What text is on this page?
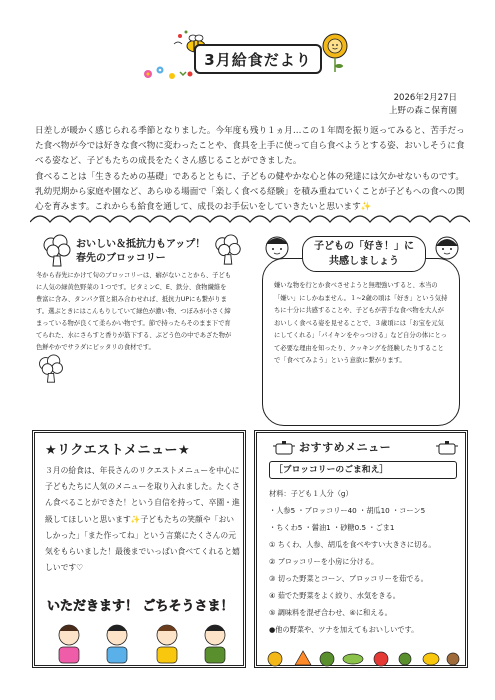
3月給食だより
2026年2月27日
上野の森こ保育園

日差しが暖かく感じられる季節となりました。今年度も残り１ヵ月…この１年間を振り返ってみると、苦手だった食べ物が今では好きな食べ物に変わったことや、食具を上手に使って自ら食べようとする姿、おいしそうに食べる姿など、子どもたちの成長をたくさん感じることができました。

食べることは「生きるための基礎」であるとともに、子どもの健やかな心と体の発達には欠かせないものです。乳幼児期から家庭や園など、あらゆる場面で「楽しく食べる経験」を積み重ねていくことが子どもへの食への関心を育みます。これからも給食を通して、成長のお手伝いをしていきたいと思います✨

おいしい＆抵抗力もアップ！
春先のブロッコリー
冬から春先にかけて旬のブロッコリーは、癖がないことから、子どもに人気の緑黄色野菜の１つです。ビタミンC、E、鉄分、食物繊維を豊富に含み、タンパク質と組み合わせれば、抵抗力UPにも繋がります。選ぶときにはこんもりしていて緑色が濃い物、つぼみが小さく締まっている物が良くて柔らかい物です。節で持ったらそのまま下で育てられた、水にさらすと香りが筋下する、ぶどう色の中であざた物が色鮮やかでサラダにピッタリの食材です。
子どもの「好き！」に
共感しましょう
嫌いな物を行とか食べさせようと無理強いすると、本当の「嫌い」にしかねません。１~2歳の頃は「好き」という気持ちに十分に共感することや、子どもが苦手な食べ物を大人がおいしく食べる姿を見せることで、３歳頃には「お宝を元気にしてくれる」「パイキンをやっつける」など自分の体にとって必要な理由を知ったり、クッキングを経験したりすることで「食べてみよう」という意欲に繋がります。
★リクエストメニュー★
３月の給食は、年長さんのリクエストメニューを中心に子どもたちに人気のメニューを取り入れました。たくさん食べることができた！という自信を持って、卒園・進級してほしいと思います✨子どもたちの笑顔や「おいしかった」「また作ってね」という言葉にたくさんの元気をもらいました！最後までいっぱい食べてくれると嬉しいです♡
いただきます！ ごちそうさま！
おすすめメニュー
［ブロッコリーのごま和え］
材料：子ども１人分（g）
・人参5 ・ブロッコリー40 ・胡瓜10 ・コーン5
・ちくわ5 ・醤油1 ・砂糖0.5 ・ごま1
① ちくわ、人参、胡瓜を食べやすい大きさに切る。
② ブロッコリーを小房に分ける。
③ 切った野菜とコーン、ブロッコリーを茹でる。
④ 茹でた野菜をよく絞り、水気をきる。
⑤ 調味料を混ぜ合わせ、④に和える。
●他の野菜や、ツナを加えてもおいしいです。
